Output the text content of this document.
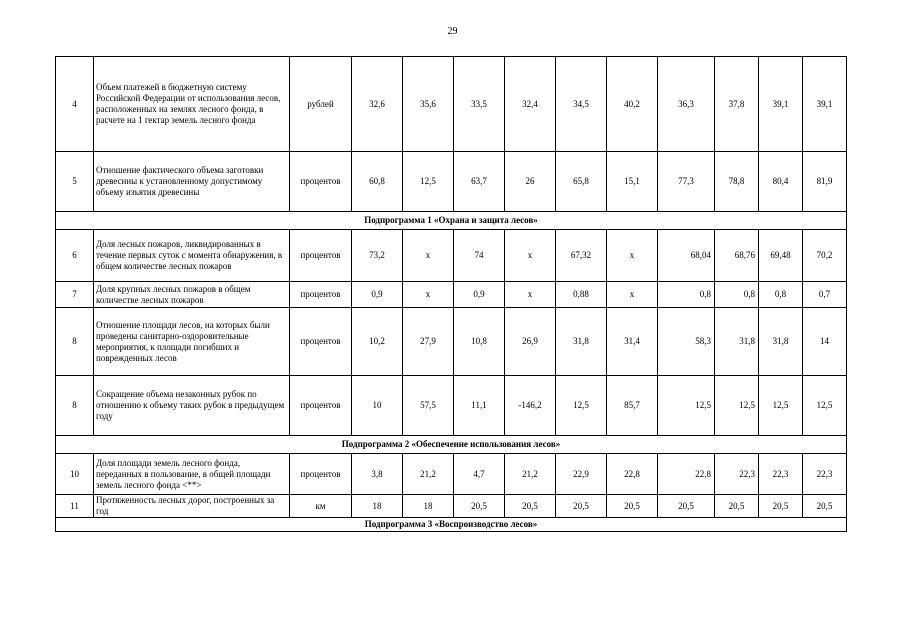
29
4	Объем платежей в бюджетную систему Российской Федерации от использования лесов, расположенных на землях лесного фонда, в расчете на 1 гектар земель лесного фонда	рублей	32,6	35,6	33,5	32,4	34,5	40,2	36,3	37,8	39,1	39,1
5	Отношение фактического объема заготовки древесины к установленному допустимому объему изъятия древесины	процентов	60,8	12,5	63,7	26	65,8	15,1	77,3	78,8	80,4	81,9
Подпрограмма 1 «Охрана и защита лесов»												
6	Доля лесных пожаров, ликвидированных в течение первых суток с момента обнаружения, в общем количестве лесных пожаров	процентов	73,2	х	74	х	67,32	х	68,04	68,76	69,48	70,2
7	Доля крупных лесных пожаров в общем количестве лесных пожаров	процентов	0,9	х	0,9	х	0,88	х	0,8	0,8	0,8	0,7
8	Отношение площади лесов, на которых были проведены санитарно-оздоровительные мероприятия, к площади погибших и поврежденных лесов	процентов	10,2	27,9	10,8	26,9	31,8	31,4	58,3	31,8	31,8	14
8	Сокращение объема незаконных рубок по отношению к объему таких рубок в предыдущем году	процентов	10	57,5	11,1	-146,2	12,5	85,7	12,5	12,5	12,5	12,5
Подпрограмма 2 «Обеспечение использования лесов»												
10	Доля площади земель лесного фонда, переданных в пользование, в общей площади земель лесного фонда <**>	процентов	3,8	21,2	4,7	21,2	22,9	22,8	22,8	22,3	22,3	22,3
11	Протяженность лесных дорог, построенных за год	км	18	18	20,5	20,5	20,5	20,5	20,5	20,5	20,5	20,5
Подпрограмма 3 «Воспроизводство лесов»												
